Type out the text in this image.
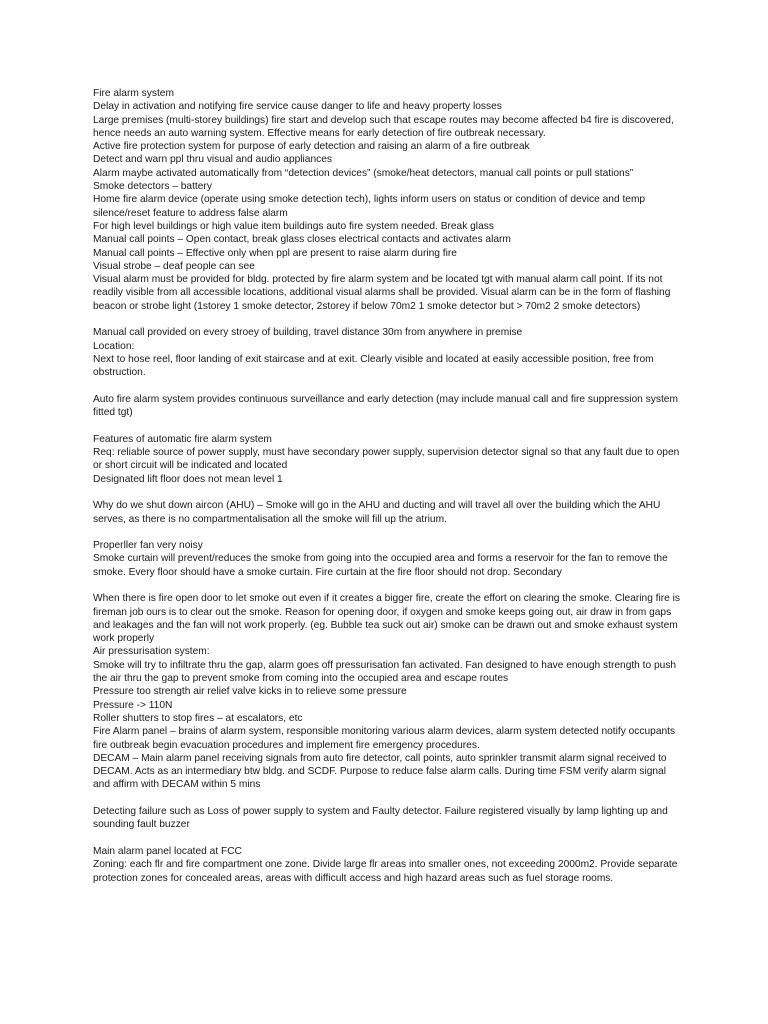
Fire alarm system
Delay in activation and notifying fire service cause danger to life and heavy property losses
Large premises (multi-storey buildings) fire start and develop such that escape routes may become affected b4 fire is discovered, hence needs an auto warning system. Effective means for early detection of fire outbreak necessary.
Active fire protection system for purpose of early detection and raising an alarm of a fire outbreak
Detect and warn ppl thru visual and audio appliances
Alarm maybe activated automatically from “detection devices” (smoke/heat detectors, manual call points or pull stations”
Smoke detectors – battery
Home fire alarm device (operate using smoke detection tech), lights inform users on status or condition of device and temp silence/reset feature to address false alarm
For high level buildings or high value item buildings auto fire system needed. Break glass
Manual call points – Open contact, break glass closes electrical contacts and activates alarm
Manual call points – Effective only when ppl are present to raise alarm during fire
Visual strobe – deaf people can see
Visual alarm must be provided for bldg. protected by fire alarm system and be located tgt with manual alarm call point. If its not readily visible from all accessible locations, additional visual alarms shall be provided. Visual alarm can be in the form of flashing beacon or strobe light (1storey 1 smoke detector, 2storey if below 70m2 1 smoke detector but > 70m2 2 smoke detectors)
Manual call provided on every stroey of building, travel distance 30m from anywhere in premise
Location:
Next to hose reel, floor landing of exit staircase and at exit. Clearly visible and located at easily accessible position, free from obstruction.
Auto fire alarm system provides continuous surveillance and early detection (may include manual call and fire suppression system fitted tgt)
Features of automatic fire alarm system
Req: reliable source of power supply, must have secondary power supply, supervision detector signal so that any fault due to open or short circuit will be indicated and located
Designated lift floor does not mean level 1
Why do we shut down aircon (AHU) – Smoke will go in the AHU and ducting and will travel all over the building which the AHU serves, as there is no compartmentalisation all the smoke will fill up the atrium.
Properller fan very noisy
Smoke curtain will prevent/reduces the smoke from going into the occupied area and forms a reservoir for the fan to remove the smoke. Every floor should have a smoke curtain. Fire curtain at the fire floor should not drop. Secondary
When there is fire open door to let smoke out even if it creates a bigger fire, create the effort on clearing the smoke. Clearing fire is fireman job ours is to clear out the smoke. Reason for opening door, if oxygen and smoke keeps going out, air draw in from gaps and leakages and the fan will not work properly. (eg. Bubble tea suck out air) smoke can be drawn out and smoke exhaust system work properly
Air pressurisation system:
Smoke will try to infiltrate thru the gap, alarm goes off pressurisation fan activated. Fan designed to have enough strength to push the air thru the gap to prevent smoke from coming into the occupied area and escape routes
Pressure too strength air relief valve kicks in to relieve some pressure
Pressure -> 110N
Roller shutters to stop fires – at escalators, etc
Fire Alarm panel – brains of alarm system, responsible monitoring various alarm devices, alarm system detected notify occupants fire outbreak begin evacuation procedures and implement fire emergency procedures.
DECAM – Main alarm panel receiving signals from auto fire detector, call points, auto sprinkler transmit alarm signal received to DECAM. Acts as an intermediary btw bldg. and SCDF. Purpose to reduce false alarm calls. During time FSM verify alarm signal and affirm with DECAM within 5 mins
Detecting failure such as Loss of power supply to system and Faulty detector. Failure registered visually by lamp lighting up and sounding fault buzzer
Main alarm panel located at FCC
Zoning: each flr and fire compartment one zone. Divide large flr areas into smaller ones, not exceeding 2000m2. Provide separate protection zones for concealed areas, areas with difficult access and high hazard areas such as fuel storage rooms.
